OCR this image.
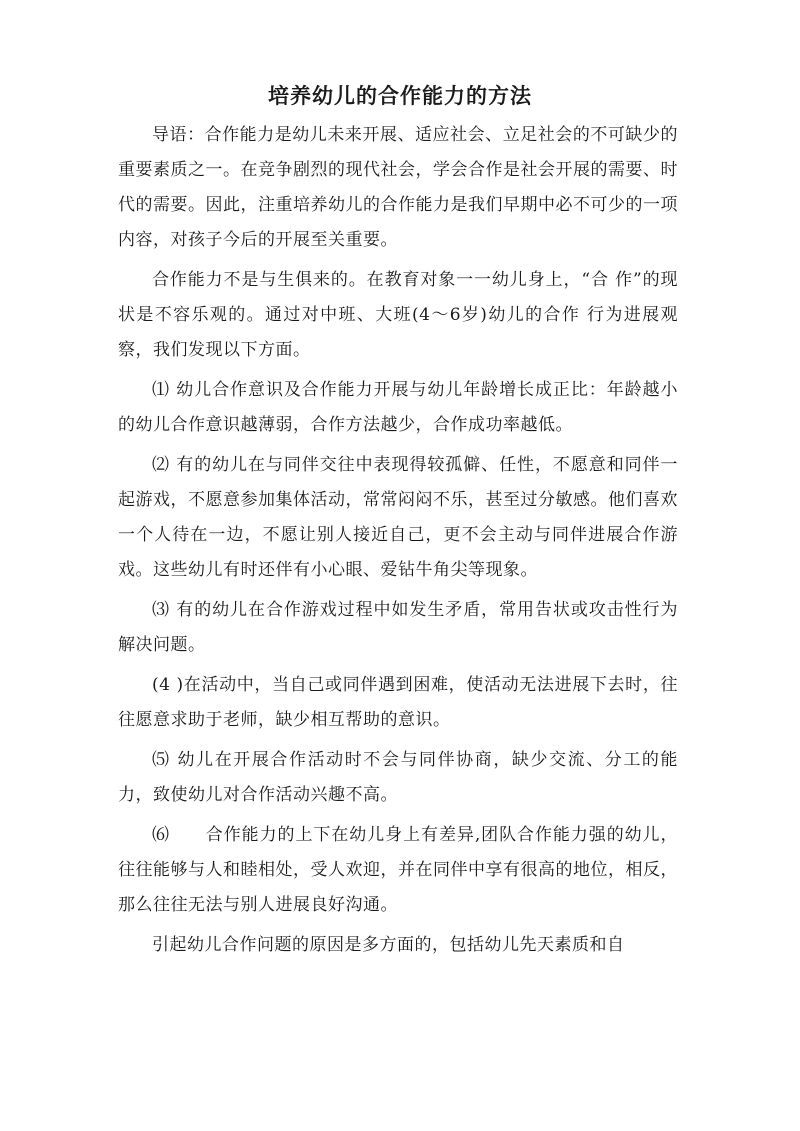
培养幼儿的合作能力的方法

导语：合作能力是幼儿未来开展、适应社会、立足社会的不可缺少的重要素质之一。在竞争剧烈的现代社会，学会合作是社会开展的需要、时代的需要。因此，注重培养幼儿的合作能力是我们早期中必不可少的一项内容，对孩子今后的开展至关重要。

合作能力不是与生俱来的。在教育对象一一幼儿身上，“合 作”的现状是不容乐观的。通过对中班、大班(4～6岁)幼儿的合作 行为进展观察，我们发现以下方面。

⑴ 幼儿合作意识及合作能力开展与幼儿年龄增长成正比：年龄越小的幼儿合作意识越薄弱，合作方法越少，合作成功率越低。

⑵ 有的幼儿在与同伴交往中表现得较孤僻、任性，不愿意和同伴一起游戏，不愿意参加集体活动，常常闷闷不乐，甚至过分敏感。他们喜欢一个人待在一边，不愿让别人接近自己，更不会主动与同伴进展合作游戏。这些幼儿有时还伴有小心眼、爱钻牛角尖等现象。

⑶ 有的幼儿在合作游戏过程中如发生矛盾，常用告状或攻击性行为解决问题。

(4 )在活动中，当自己或同伴遇到困难，使活动无法进展下去时，往往愿意求助于老师，缺少相互帮助的意识。

⑸ 幼儿在开展合作活动时不会与同伴协商，缺少交流、分工的能力，致使幼儿对合作活动兴趣不高。

⑹　　合作能力的上下在幼儿身上有差异,团队合作能力强的幼儿，往往能够与人和睦相处，受人欢迎，并在同伴中享有很高的地位，相反，那么往往无法与别人进展良好沟通。

引起幼儿合作问题的原因是多方面的，包括幼儿先天素质和自
